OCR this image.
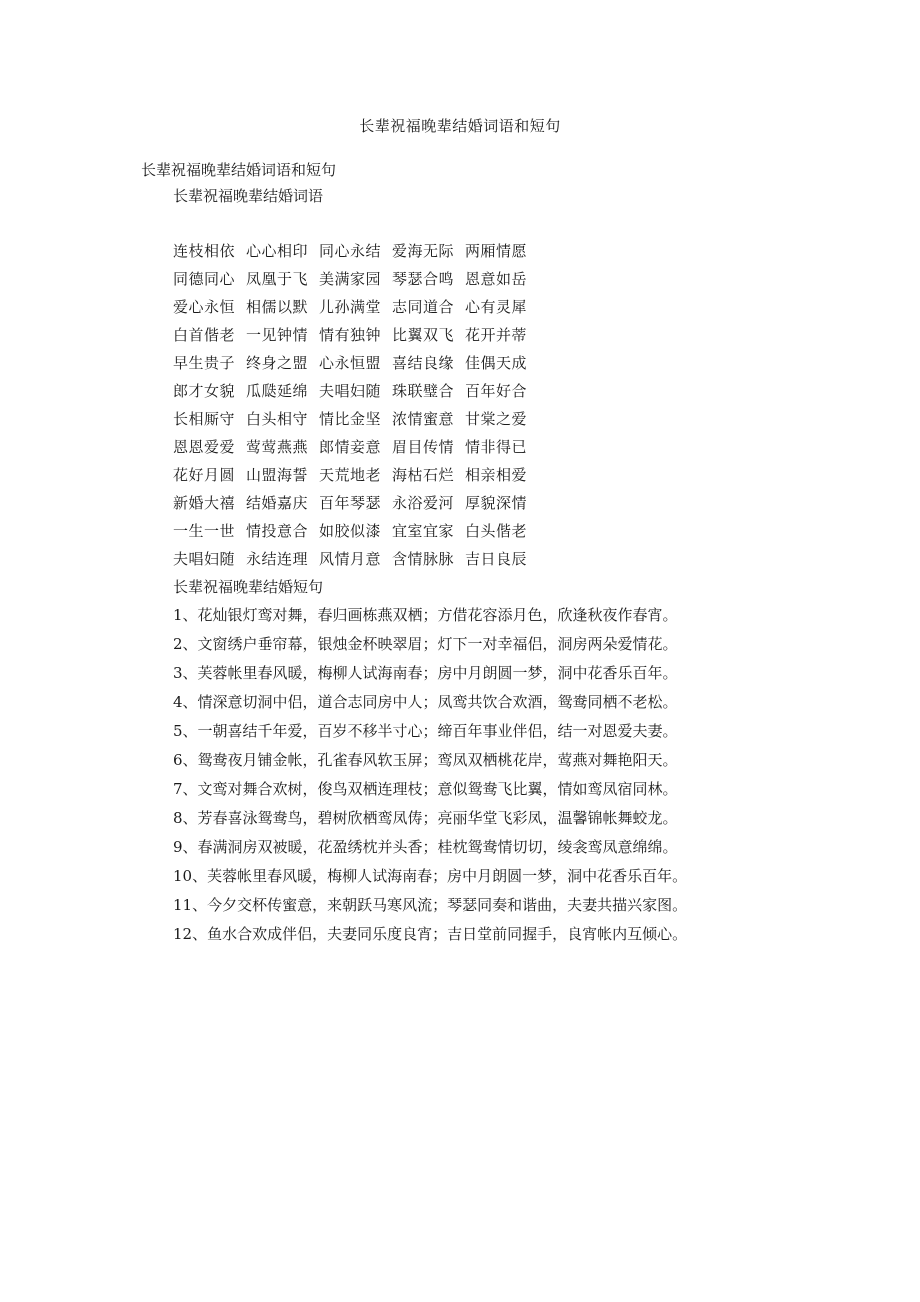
长辈祝福晚辈结婚词语和短句
长辈祝福晚辈结婚词语和短句
长辈祝福晚辈结婚词语
连枝相依 心心相印 同心永结 爱海无际 两厢情愿
同德同心 凤凰于飞 美满家园 琴瑟合鸣 恩意如岳
爱心永恒 相儒以默 儿孙满堂 志同道合 心有灵犀
白首偕老 一见钟情 情有独钟 比翼双飞 花开并蒂
早生贵子 终身之盟 心永恒盟 喜结良缘 佳偶天成
郎才女貌 瓜瓞延绵 夫唱妇随 珠联璧合 百年好合
长相厮守 白头相守 情比金坚 浓情蜜意 甘棠之爱
恩恩爱爱 莺莺燕燕 郎情妾意 眉目传情 情非得已
花好月圆 山盟海誓 天荒地老 海枯石烂 相亲相爱
新婚大禧 结婚嘉庆 百年琴瑟 永浴爱河 厚貌深情
一生一世 情投意合 如胶似漆 宜室宜家 白头偕老
夫唱妇随 永结连理 风情月意 含情脉脉 吉日良辰
长辈祝福晚辈结婚短句
1、花灿银灯鸾对舞，春归画栋燕双栖；方借花容添月色，欣逢秋夜作春宵。
2、文窗绣户垂帘幕，银烛金杯映翠眉；灯下一对幸福侣，洞房两朵爱情花。
3、芙蓉帐里春风暖，梅柳人试海南春；房中月朗圆一梦，洞中花香乐百年。
4、情深意切洞中侣，道合志同房中人；凤鸾共饮合欢酒，鸳鸯同栖不老松。
5、一朝喜结千年爱，百岁不移半寸心；缔百年事业伴侣，结一对恩爱夫妻。
6、鸳鸯夜月铺金帐，孔雀春风软玉屏；鸾凤双栖桃花岸，莺燕对舞艳阳天。
7、文鸾对舞合欢树，俊鸟双栖连理枝；意似鸳鸯飞比翼，情如鸾凤宿同林。
8、芳春喜泳鸳鸯鸟，碧树欣栖鸾凤俦；亮丽华堂飞彩凤，温馨锦帐舞蛟龙。
9、春满洞房双被暖，花盈绣枕并头香；桂枕鸳鸯情切切，绫衾鸾凤意绵绵。
10、芙蓉帐里春风暖，梅柳人试海南春；房中月朗圆一梦，洞中花香乐百年。
11、今夕交杯传蜜意，来朝跃马寒风流；琴瑟同奏和谐曲，夫妻共描兴家图。
12、鱼水合欢成伴侣，夫妻同乐度良宵；吉日堂前同握手，良宵帐内互倾心。
